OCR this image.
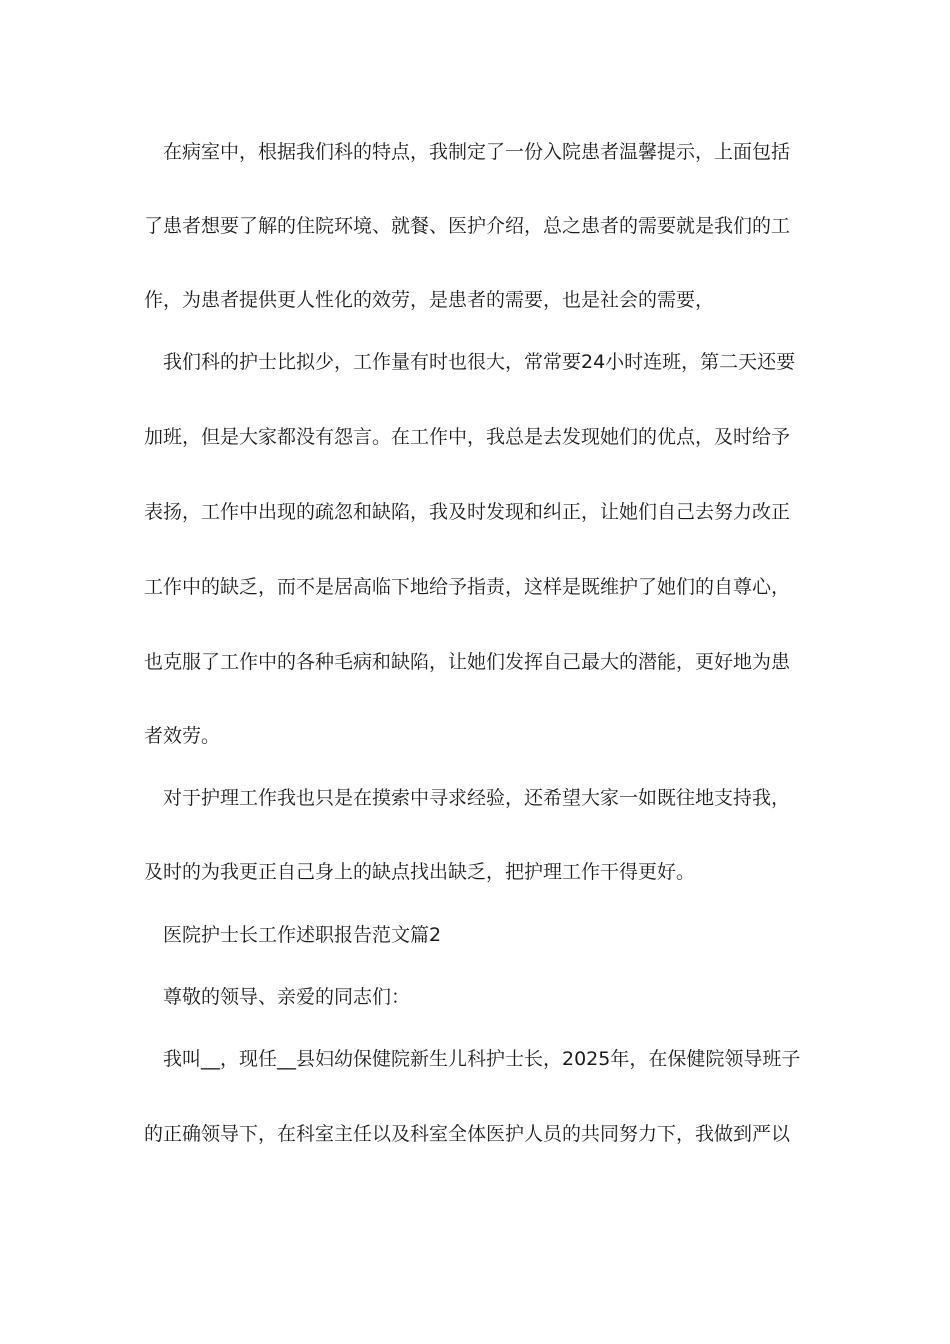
在病室中，根据我们科的特点，我制定了一份入院患者温馨提示，上面包括
了患者想要了解的住院环境、就餐、医护介绍，总之患者的需要就是我们的工
作，为患者提供更人性化的效劳，是患者的需要，也是社会的需要，
我们科的护士比拟少，工作量有时也很大，常常要24小时连班，第二天还要
加班，但是大家都没有怨言。在工作中，我总是去发现她们的优点，及时给予
表扬，工作中出现的疏忽和缺陷，我及时发现和纠正，让她们自己去努力改正
工作中的缺乏，而不是居高临下地给予指责，这样是既维护了她们的自尊心，
也克服了工作中的各种毛病和缺陷，让她们发挥自己最大的潜能，更好地为患
者效劳。
对于护理工作我也只是在摸索中寻求经验，还希望大家一如既往地支持我，
及时的为我更正自己身上的缺点找出缺乏，把护理工作干得更好。
医院护士长工作述职报告范文篇2
尊敬的领导、亲爱的同志们：
我叫__，现任__县妇幼保健院新生儿科护士长，2025年，在保健院领导班子
的正确领导下，在科室主任以及科室全体医护人员的共同努力下，我做到严以
